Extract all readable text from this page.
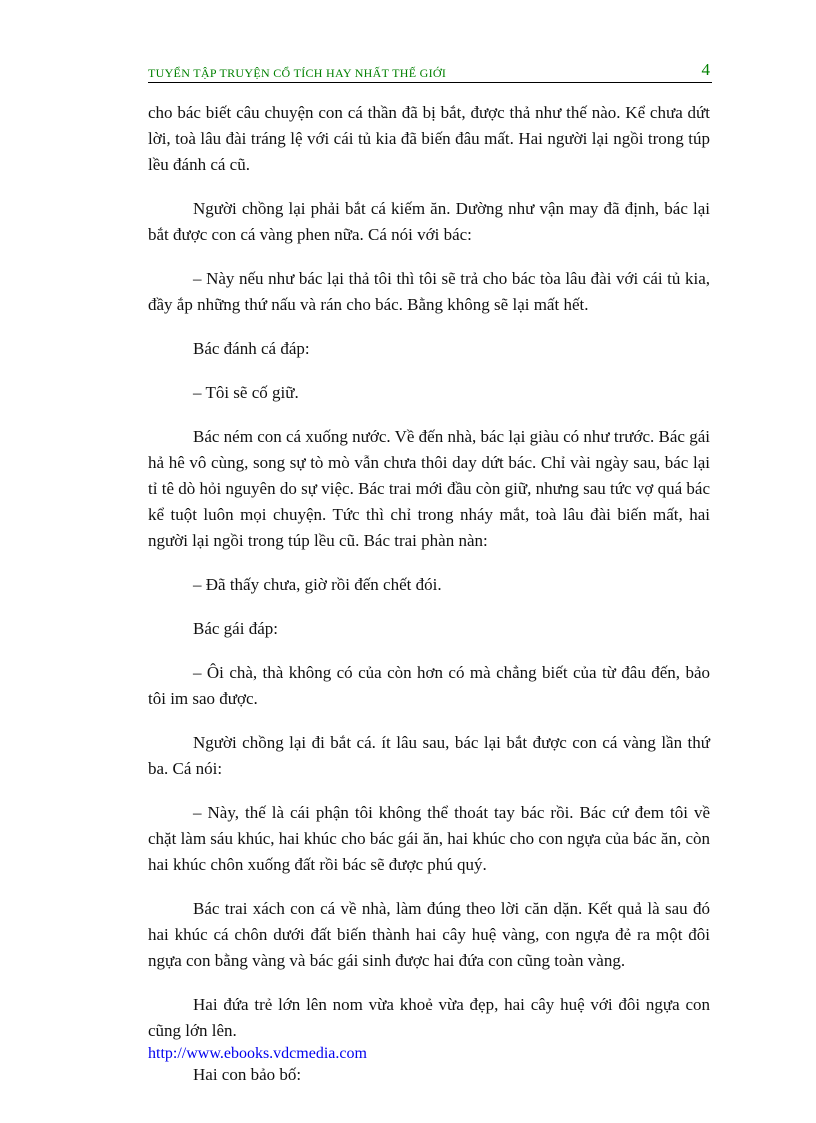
TUYỂN TẬP TRUYỆN CỔ TÍCH HAY NHẤT THẾ GIỚI	4

cho bác biết câu chuyện con cá thần đã bị bắt, được thả như thế nào. Kể chưa dứt lời, toà lâu đài tráng lệ với cái tủ kia đã biến đâu mất. Hai người lại ngồi trong túp lều đánh cá cũ.

Người chồng lại phải bắt cá kiếm ăn. Dường như vận may đã định, bác lại bắt được con cá vàng phen nữa. Cá nói với bác:

– Này nếu như bác lại thả tôi thì tôi sẽ trả cho bác tòa lâu đài với cái tủ kia, đầy ắp những thứ nấu và rán cho bác. Bằng không sẽ lại mất hết.

Bác đánh cá đáp:

– Tôi sẽ cố giữ.

Bác ném con cá xuống nước. Về đến nhà, bác lại giàu có như trước. Bác gái hả hê vô cùng, song sự tò mò vẫn chưa thôi day dứt bác. Chỉ vài ngày sau, bác lại tỉ tê dò hỏi nguyên do sự việc. Bác trai mới đầu còn giữ, nhưng sau tức vợ quá bác kể tuột luôn mọi chuyện. Tức thì chỉ trong nháy mắt, toà lâu đài biến mất, hai người lại ngồi trong túp lều cũ. Bác trai phàn nàn:

– Đã thấy chưa, giờ rồi đến chết đói.

Bác gái đáp:

– Ôi chà, thà không có của còn hơn có mà chẳng biết của từ đâu đến, bảo tôi im sao được.

Người chồng lại đi bắt cá. ít lâu sau, bác lại bắt được con cá vàng lần thứ ba. Cá nói:

– Này, thế là cái phận tôi không thể thoát tay bác rồi. Bác cứ đem tôi về chặt làm sáu khúc, hai khúc cho bác gái ăn, hai khúc cho con ngựa của bác ăn, còn hai khúc chôn xuống đất rồi bác sẽ được phú quý.

Bác trai xách con cá về nhà, làm đúng theo lời căn dặn. Kết quả là sau đó hai khúc cá chôn dưới đất biến thành hai cây huệ vàng, con ngựa đẻ ra một đôi ngựa con bằng vàng và bác gái sinh được hai đứa con cũng toàn vàng.

Hai đứa trẻ lớn lên nom vừa khoẻ vừa đẹp, hai cây huệ với đôi ngựa con cũng lớn lên.

Hai con bảo bố:

http://www.ebooks.vdcmedia.com
